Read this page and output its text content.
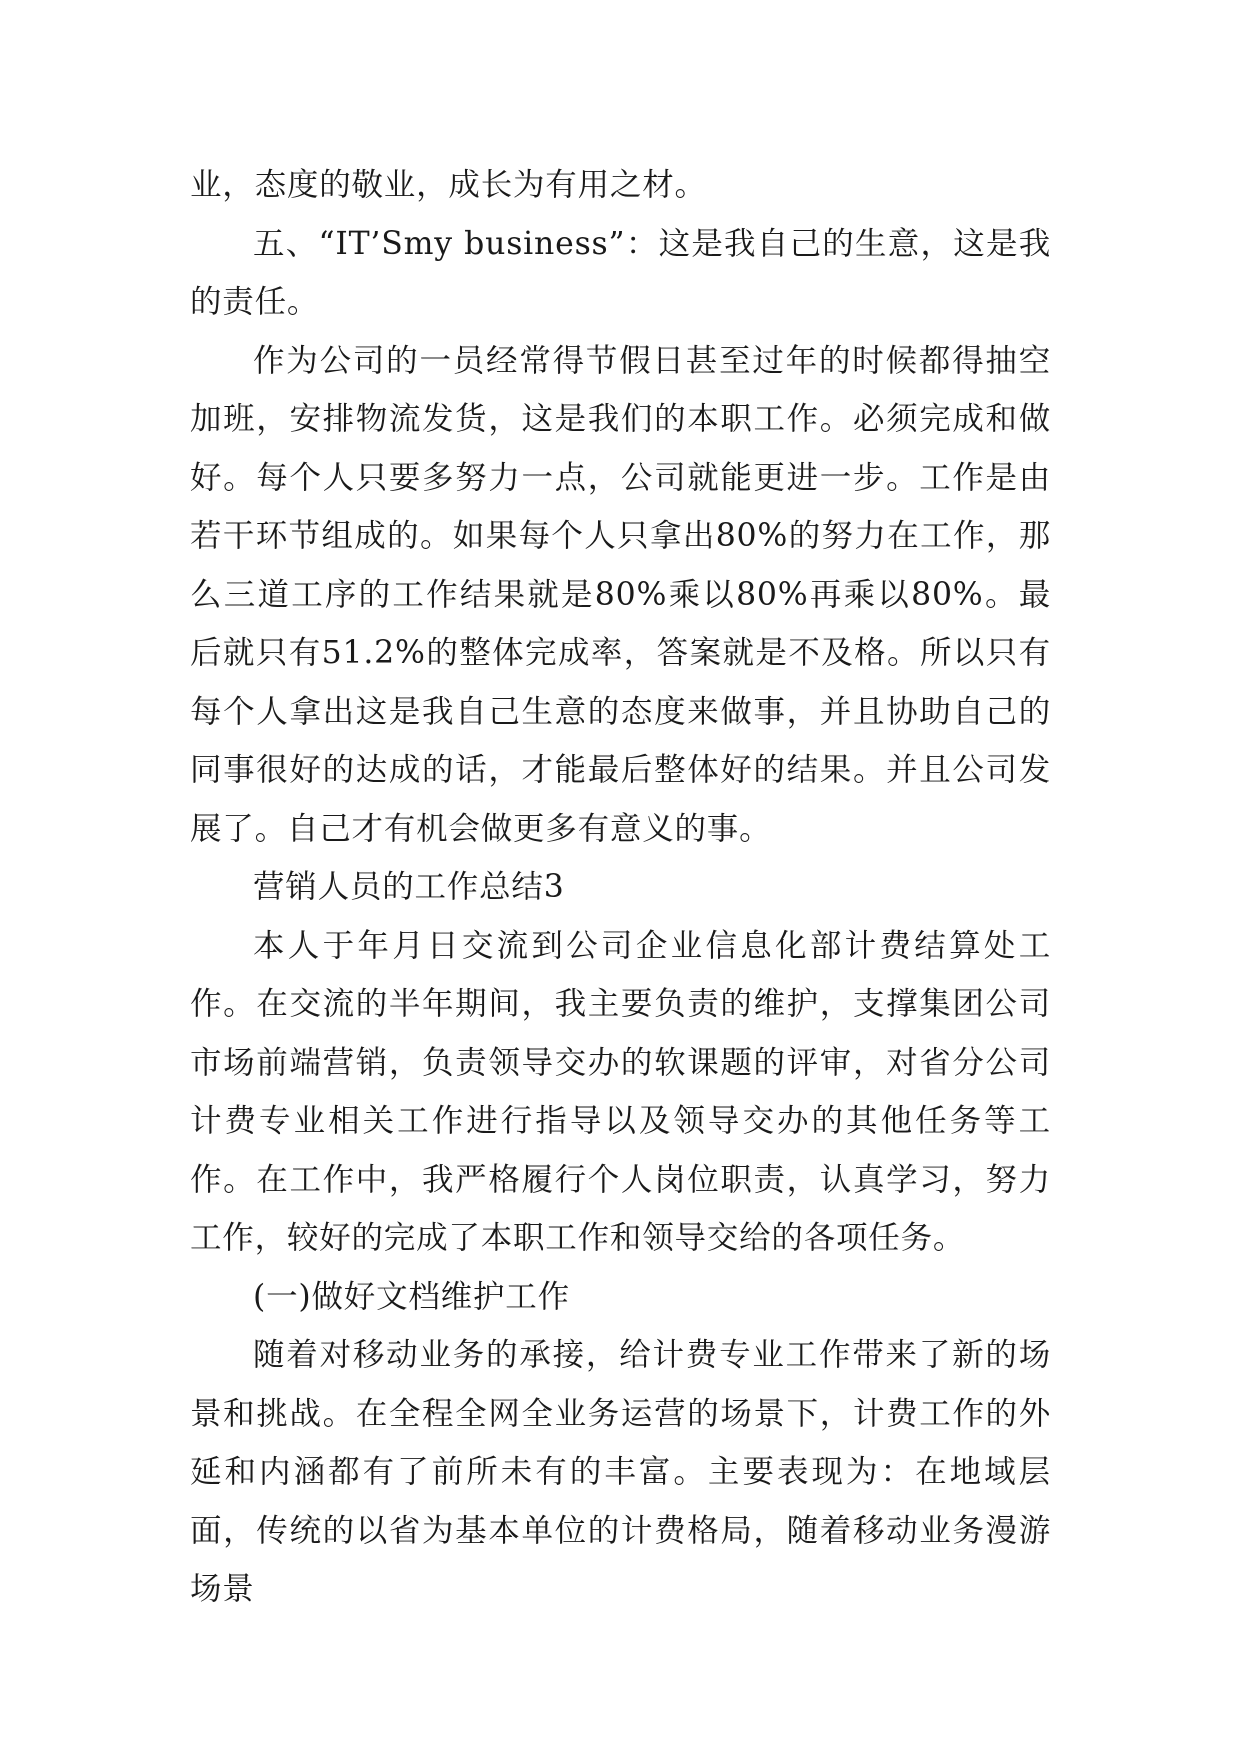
业，态度的敬业，成长为有用之材。

五、“IT’Smy business”：这是我自己的生意，这是我的责任。

作为公司的一员经常得节假日甚至过年的时候都得抽空加班，安排物流发货，这是我们的本职工作。必须完成和做好。每个人只要多努力一点，公司就能更进一步。工作是由若干环节组成的。如果每个人只拿出80%的努力在工作，那么三道工序的工作结果就是80%乘以80%再乘以80%。最后就只有51.2%的整体完成率，答案就是不及格。所以只有每个人拿出这是我自己生意的态度来做事，并且协助自己的同事很好的达成的话，才能最后整体好的结果。并且公司发展了。自己才有机会做更多有意义的事。

营销人员的工作总结3

本人于年月日交流到公司企业信息化部计费结算处工作。在交流的半年期间，我主要负责的维护，支撑集团公司市场前端营销，负责领导交办的软课题的评审，对省分公司计费专业相关工作进行指导以及领导交办的其他任务等工作。在工作中，我严格履行个人岗位职责，认真学习，努力工作，较好的完成了本职工作和领导交给的各项任务。

(一)做好文档维护工作

随着对移动业务的承接，给计费专业工作带来了新的场景和挑战。在全程全网全业务运营的场景下，计费工作的外延和内涵都有了前所未有的丰富。主要表现为：在地域层面，传统的以省为基本单位的计费格局，随着移动业务漫游场景
